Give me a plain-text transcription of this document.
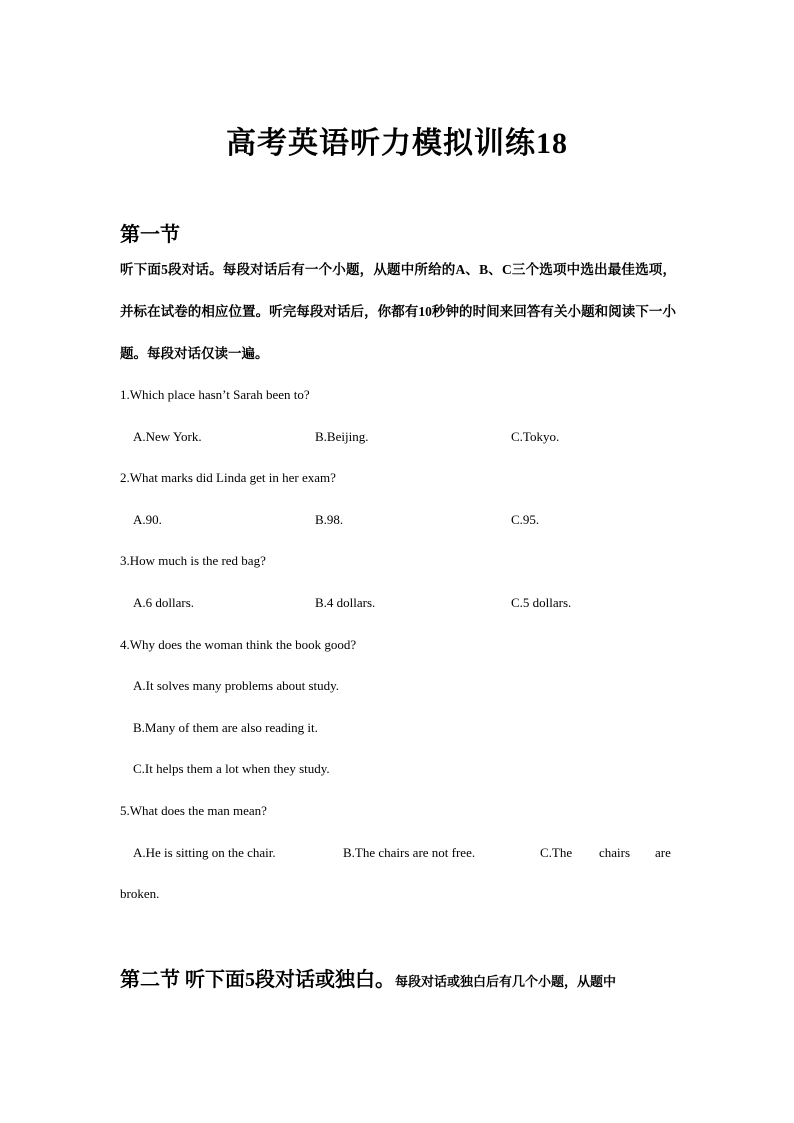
高考英语听力模拟训练18
第一节
听下面5段对话。每段对话后有一个小题，从题中所给的A、B、C三个选项中选出最佳选项，并标在试卷的相应位置。听完每段对话后，你都有10秒钟的时间来回答有关小题和阅读下一小题。每段对话仅读一遍。
1.Which place hasn’t Sarah been to?
A.New York.	B.Beijing.	C.Tokyo.
2.What marks did Linda get in her exam?
A.90.	B.98.	C.95.
3.How much is the red bag?
A.6 dollars.	B.4 dollars.	C.5 dollars.
4.Why does the woman think the book good?
A.It solves many problems about study.
B.Many of them are also reading it.
C.It helps them a lot when they study.
5.What does the man mean?
A.He is sitting on the chair.	B.The chairs are not free.	C.The chairs are
broken.
第二节 听下面5段对话或独白。每段对话或独白后有几个小题，从题中
